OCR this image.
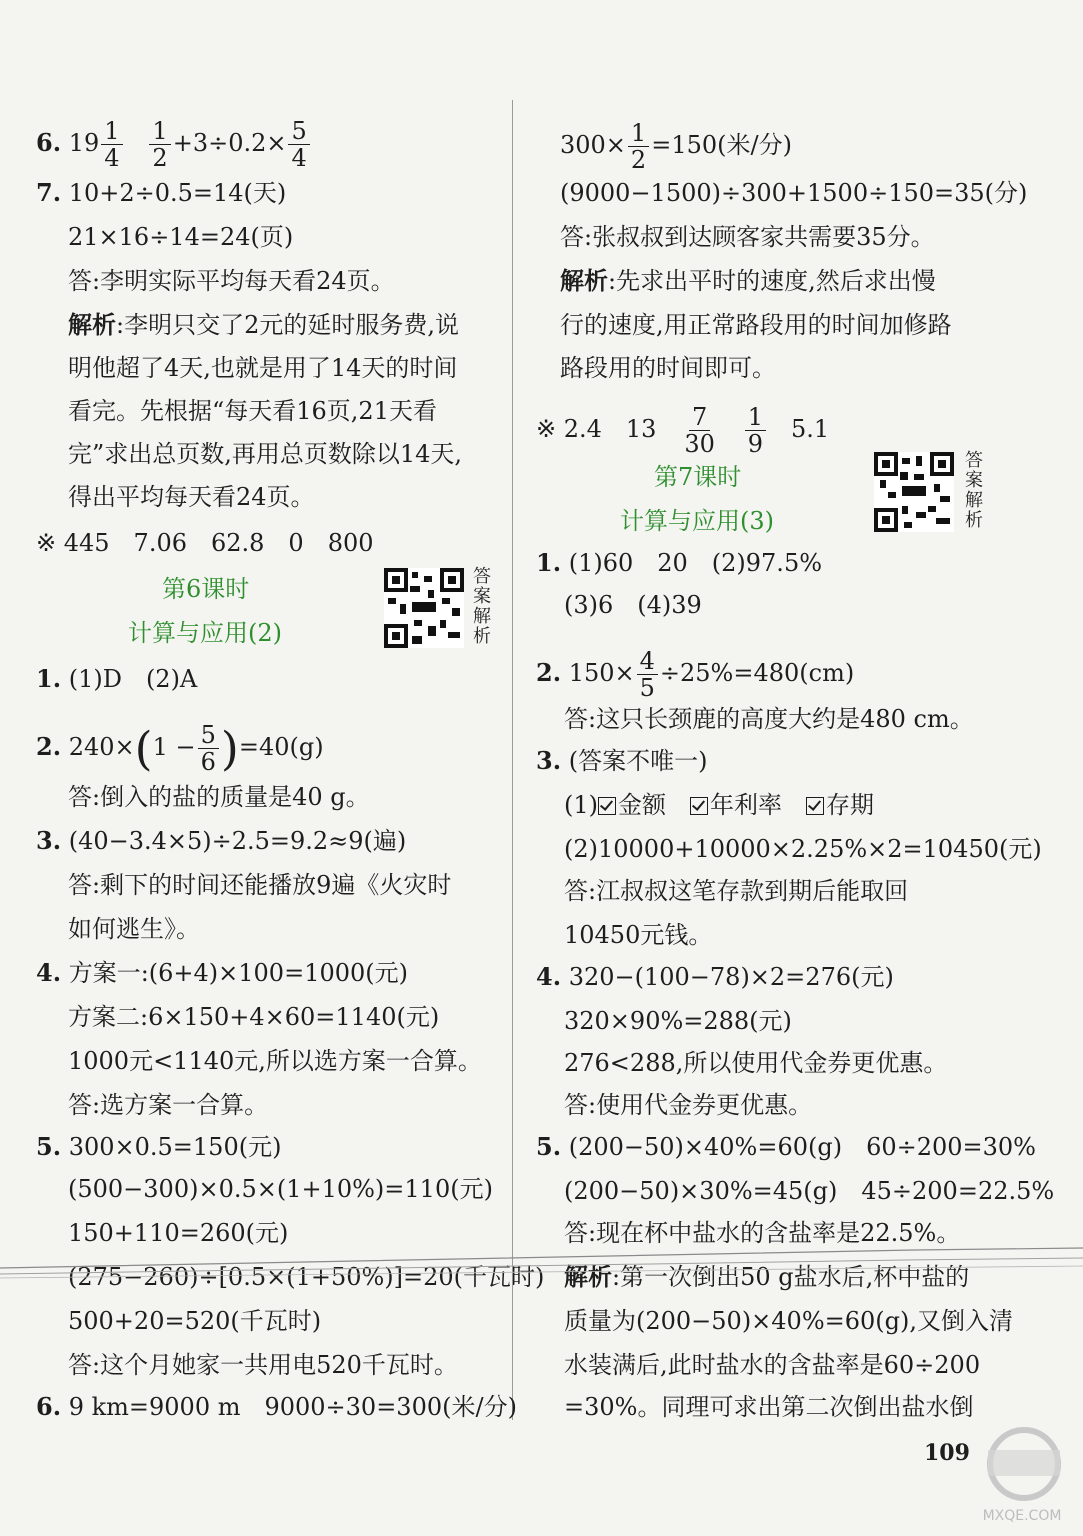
6. $19 \frac{1}{4}$
$\frac{1}{2} +3\div 0.2\times \frac{5}{4}$
7. 10+2÷0.5=14(天)
21×16÷14=24(页)
答:李明实际平均每天看24页。
解析:李明只交了2元的延时服务费,说
明他超了4天,也就是用了14天的时间
看完。先根据“每天看16页,21天看
完”求出总页数,再用总页数除以14天,
得出平均每天看24页。
※ 445　7.06　62.8　0　800
第6课时
计算与应用(2)	答案解析
1. (1)D　(2)A
2. $240\times(1 - \frac{5}{6} )=40(g)$
答:倒入的盐的质量是40 g。
3. (40−3.4×5)÷2.5=9.2≈9(遍)
答:剩下的时间还能播放9遍《火灾时
如何逃生》。
4. 方案一:(6+4)×100=1000(元)
方案二:6×150+4×60=1140(元)
1000元<1140元,所以选方案一合算。
答:选方案一合算。
5. 300×0.5=150(元)
(500−300)×0.5×(1+10%)=110(元)
150+110=260(元)
(275−260)÷[0.5×(1+50%)]=20(千瓦时)
500+20=520(千瓦时)
答:这个月她家一共用电520千瓦时。
6. 9 km=9000 m　9000÷30=300(米/分)
$300\times \frac{1}{2} =150$(米/分)
(9000−1500)÷300+1500÷150=35(分)
答:张叔叔到达顾客家共需要35分。
解析:先求出平时的速度,然后求出慢
行的速度,用正常路段用的时间加修路
路段用的时间即可。
※ 2.4　$13 \frac{7}{30}$
$\frac{1}{9} 5.1$
第7课时
计算与应用(3)	答案解析
1. (1)60　20　(2)97.5%
(3)6　(4)39
2. $150\times \frac{4}{5} \div 25\%=480(cm)$
答:这只长颈鹿的高度大约是480 cm。
3. (答案不唯一)
(1) 金额　年利率　存期
(2)10000+10000×2.25%×2=10450(元)
答:江叔叔这笔存款到期后能取回
10450元钱。
4. 320−(100−78)×2=276(元)
320×90%=288(元)
276<288,所以使用代金券更优惠。
答:使用代金券更优惠。
5. (200−50)×40%=60(g)　60÷200=30%
(200−50)×30%=45(g)　45÷200=22.5%
答:现在杯中盐水的含盐率是22.5%。
解析:第一次倒出50 g盐水后,杯中盐的
质量为(200−50)×40%=60(g),又倒入清
水装满后,此时盐水的含盐率是60÷200
=30%。同理可求出第二次倒出盐水倒
109
MXQE.COM
